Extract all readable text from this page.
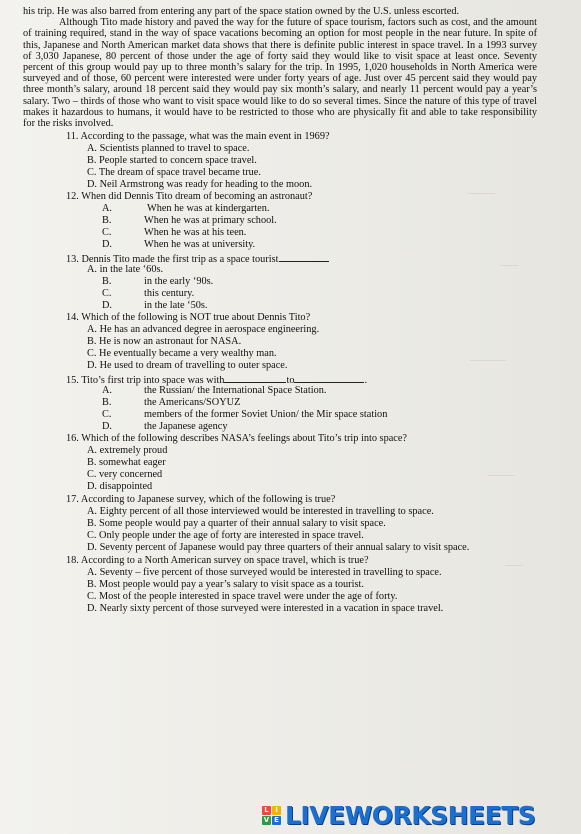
his trip. He was also barred from entering any part of the space station owned by the U.S. unless escorted.

Although Tito made history and paved the way for the future of space tourism, factors such as cost, and the amount of training required, stand in the way of space vacations becoming an option for most people in the near future. In spite of this, Japanese and North American market data shows that there is definite public interest in space travel. In a 1993 survey of 3,030 Japanese, 80 percent of those under the age of forty said they would like to visit space at least once. Seventy percent of this group would pay up to three month’s salary for the trip. In 1995, 1,020 households in North America were surveyed and of those, 60 percent were interested were under forty years of age. Just over 45 percent said they would pay three month’s salary, around 18 percent said they would pay six month’s salary, and nearly 11 percent would pay a year’s salary. Two – thirds of those who want to visit space would like to do so several times. Since the nature of this type of travel makes it hazardous to humans, it would have to be restricted to those who are physically fit and able to take responsibility for the risks involved.

———
——
————
———
——
11. According to the passage, what was the main event in 1969?
A. Scientists planned to travel to space.
B. People started to concern space travel.
C. The dream of space travel became true.
D. Neil Armstrong was ready for heading to the moon.
12. When did Dennis Tito dream of becoming an astronaut?
A.	When he was at kindergarten.
B.	When he was at primary school.
C.	When he was at his teen.
D.	When he was at university.
13. Dennis Tito made the first trip as a space tourist
A. in the late ‘60s.
B.	in the early ‘90s.
C.	this century.
D.	in the late ‘50s.
14. Which of the following is NOT true about Dennis Tito?
A. He has an advanced degree in aerospace engineering.
B. He is now an astronaut for NASA.
C. He eventually became a very wealthy man.
D. He used to dream of travelling to outer space.
15. Tito’s first trip into space was with	to	.
A.	the Russian/ the International Space Station.
B.	the Americans/SOYUZ
C.	members of the former Soviet Union/ the Mir space station
D.	the Japanese agency
16. Which of the following describes NASA’s feelings about Tito’s trip into space?
A. extremely proud
B. somewhat eager
C. very concerned
D. disappointed
17. According to Japanese survey, which of the following is true?
A. Eighty percent of all those interviewed would be interested in travelling to space.
B. Some people would pay a quarter of their annual salary to visit space.
C. Only people under the age of forty are interested in space travel.
D. Seventy percent of Japanese would pay three quarters of their annual salary to visit space.
18. According to a North American survey on space travel, which is true?
A. Seventy – five percent of those surveyed would be interested in travelling to space.
B. Most people would pay a year’s salary to visit space as a tourist.
C. Most of the people interested in space travel were under the age of forty.
D. Nearly sixty percent of those surveyed were interested in a vacation in space travel.
L I
V E LIVEWORKSHEETS
